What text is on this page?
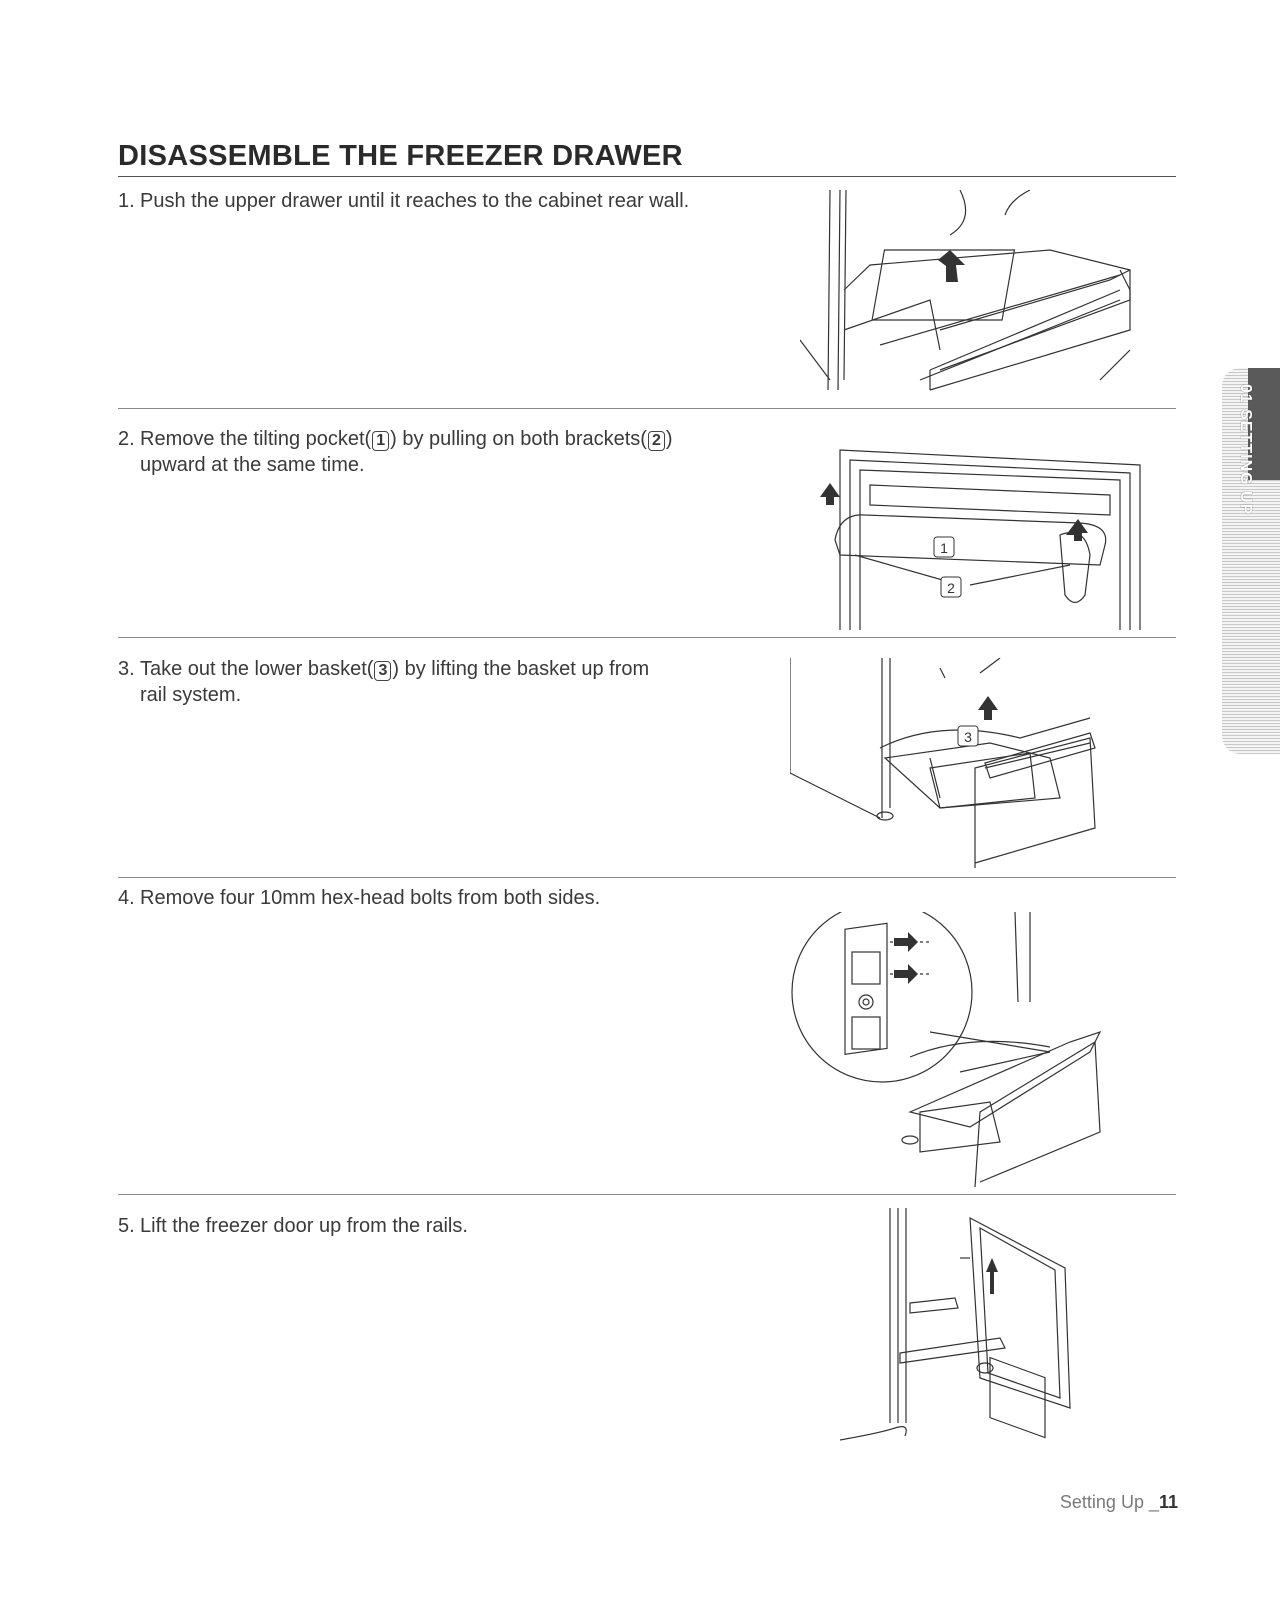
DISASSEMBLE THE FREEZER DRAWER
01 SETTING UP
1. Push the upper drawer until it reaches to the cabinet rear wall.
2. Remove the tilting pocket( 1 ) by pulling on both brackets( 2 )
upward at the same time.
1
2
3. Take out the lower basket( 3 ) by lifting the basket up from
rail system.
3
4. Remove four 10mm hex-head bolts from both sides.
5. Lift the freezer door up from the rails.
Setting Up _11
